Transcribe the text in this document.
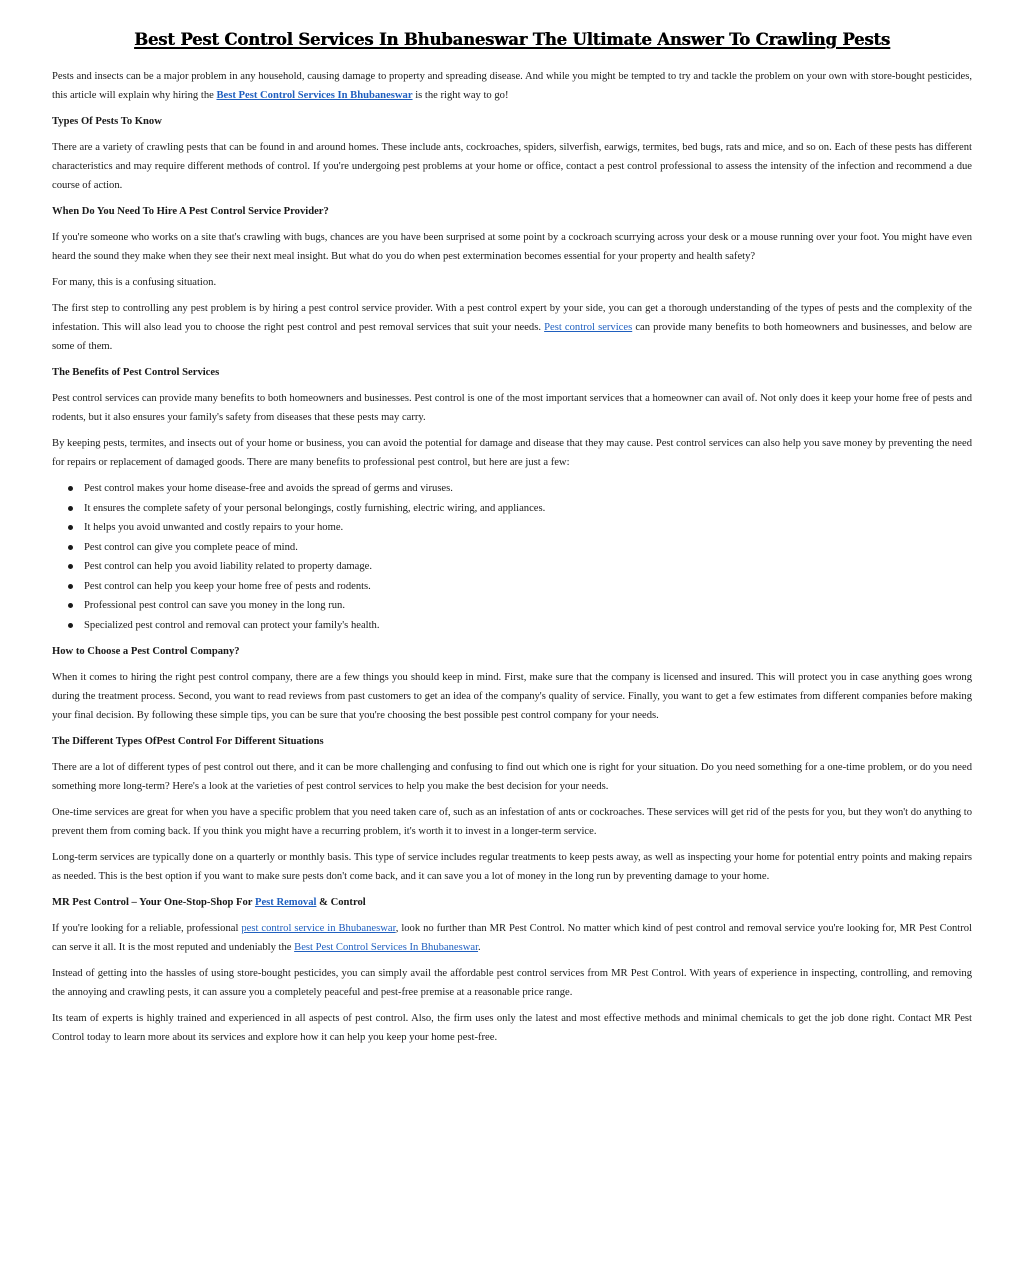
Best Pest Control Services In Bhubaneswar The Ultimate Answer To Crawling Pests

Pests and insects can be a major problem in any household, causing damage to property and spreading disease. And while you might be tempted to try and tackle the problem on your own with store-bought pesticides, this article will explain why hiring the Best Pest Control Services In Bhubaneswar is the right way to go!

Types Of Pests To Know

There are a variety of crawling pests that can be found in and around homes. These include ants, cockroaches, spiders, silverfish, earwigs, termites, bed bugs, rats and mice, and so on. Each of these pests has different characteristics and may require different methods of control. If you're undergoing pest problems at your home or office, contact a pest control professional to assess the intensity of the infection and recommend a due course of action.

When Do You Need To Hire A Pest Control Service Provider?

If you're someone who works on a site that's crawling with bugs, chances are you have been surprised at some point by a cockroach scurrying across your desk or a mouse running over your foot. You might have even heard the sound they make when they see their next meal insight. But what do you do when pest extermination becomes essential for your property and health safety?

For many, this is a confusing situation.

The first step to controlling any pest problem is by hiring a pest control service provider. With a pest control expert by your side, you can get a thorough understanding of the types of pests and the complexity of the infestation. This will also lead you to choose the right pest control and pest removal services that suit your needs. Pest control services can provide many benefits to both homeowners and businesses, and below are some of them.

The Benefits of Pest Control Services

Pest control services can provide many benefits to both homeowners and businesses. Pest control is one of the most important services that a homeowner can avail of. Not only does it keep your home free of pests and rodents, but it also ensures your family's safety from diseases that these pests may carry.

By keeping pests, termites, and insects out of your home or business, you can avoid the potential for damage and disease that they may cause. Pest control services can also help you save money by preventing the need for repairs or replacement of damaged goods. There are many benefits to professional pest control, but here are just a few:

Pest control makes your home disease-free and avoids the spread of germs and viruses.
It ensures the complete safety of your personal belongings, costly furnishing, electric wiring, and appliances.
It helps you avoid unwanted and costly repairs to your home.
Pest control can give you complete peace of mind.
Pest control can help you avoid liability related to property damage.
Pest control can help you keep your home free of pests and rodents.
Professional pest control can save you money in the long run.
Specialized pest control and removal can protect your family's health.

How to Choose a Pest Control Company?

When it comes to hiring the right pest control company, there are a few things you should keep in mind. First, make sure that the company is licensed and insured. This will protect you in case anything goes wrong during the treatment process. Second, you want to read reviews from past customers to get an idea of the company's quality of service. Finally, you want to get a few estimates from different companies before making your final decision. By following these simple tips, you can be sure that you're choosing the best possible pest control company for your needs.

The Different Types OfPest Control For Different Situations

There are a lot of different types of pest control out there, and it can be more challenging and confusing to find out which one is right for your situation. Do you need something for a one-time problem, or do you need something more long-term? Here's a look at the varieties of pest control services to help you make the best decision for your needs.

One-time services are great for when you have a specific problem that you need taken care of, such as an infestation of ants or cockroaches. These services will get rid of the pests for you, but they won't do anything to prevent them from coming back. If you think you might have a recurring problem, it's worth it to invest in a longer-term service.

Long-term services are typically done on a quarterly or monthly basis. This type of service includes regular treatments to keep pests away, as well as inspecting your home for potential entry points and making repairs as needed. This is the best option if you want to make sure pests don't come back, and it can save you a lot of money in the long run by preventing damage to your home.

MR Pest Control – Your One-Stop-Shop For Pest Removal & Control

If you're looking for a reliable, professional pest control service in Bhubaneswar, look no further than MR Pest Control. No matter which kind of pest control and removal service you're looking for, MR Pest Control can serve it all. It is the most reputed and undeniably the Best Pest Control Services In Bhubaneswar.

Instead of getting into the hassles of using store-bought pesticides, you can simply avail the affordable pest control services from MR Pest Control. With years of experience in inspecting, controlling, and removing the annoying and crawling pests, it can assure you a completely peaceful and pest-free premise at a reasonable price range.

Its team of experts is highly trained and experienced in all aspects of pest control. Also, the firm uses only the latest and most effective methods and minimal chemicals to get the job done right. Contact MR Pest Control today to learn more about its services and explore how it can help you keep your home pest-free.
